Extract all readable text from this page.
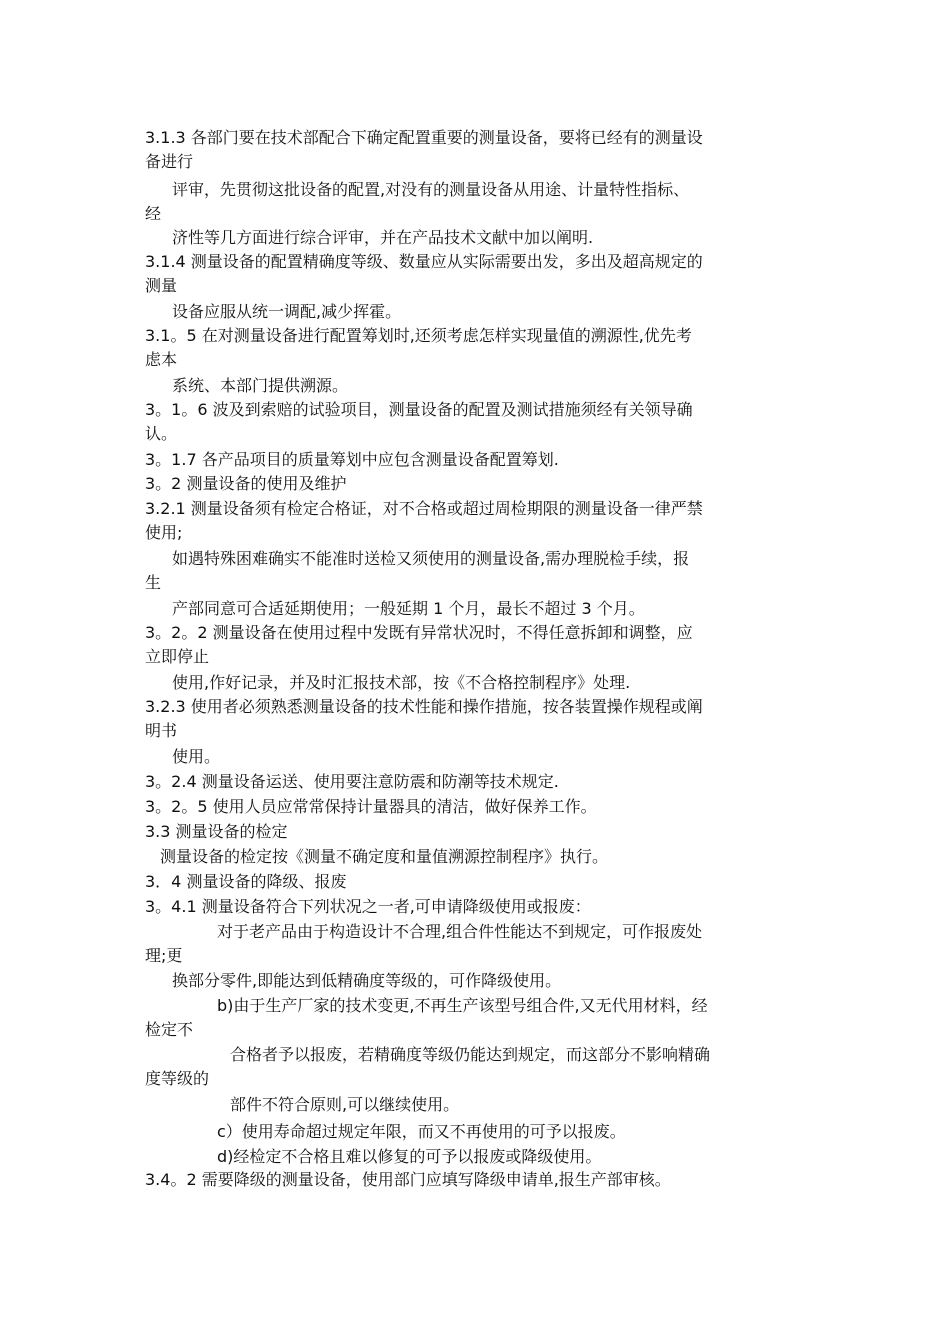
3.1.3 各部门要在技术部配合下确定配置重要的测量设备，要将已经有的测量设
备进行
评审，先贯彻这批设备的配置,对没有的测量设备从用途、计量特性指标、
经
济性等几方面进行综合评审，并在产品技术文献中加以阐明.
3.1.4 测量设备的配置精确度等级、数量应从实际需要出发，多出及超高规定的
测量
设备应服从统一调配,减少挥霍。
3.1。5 在对测量设备进行配置筹划时,还须考虑怎样实现量值的溯源性,优先考
虑本
系统、本部门提供溯源。
3。1。6 波及到索赔的试验项目，测量设备的配置及测试措施须经有关领导确
认。
3。1.7 各产品项目的质量筹划中应包含测量设备配置筹划.
3。2 测量设备的使用及维护
3.2.1 测量设备须有检定合格证，对不合格或超过周检期限的测量设备一律严禁
使用;
如遇特殊困难确实不能准时送检又须使用的测量设备,需办理脱检手续，报
生
产部同意可合适延期使用；一般延期 1 个月，最长不超过 3 个月。
3。2。2 测量设备在使用过程中发既有异常状况时，不得任意拆卸和调整，应
立即停止
使用,作好记录，并及时汇报技术部，按《不合格控制程序》处理.
3.2.3 使用者必须熟悉测量设备的技术性能和操作措施，按各装置操作规程或阐
明书
使用。
3。2.4 测量设备运送、使用要注意防震和防潮等技术规定.
3。2。5 使用人员应常常保持计量器具的清洁，做好保养工作。
3.3 测量设备的检定
测量设备的检定按《测量不确定度和量值溯源控制程序》执行。
3．4 测量设备的降级、报废
3。4.1 测量设备符合下列状况之一者,可申请降级使用或报废：
对于老产品由于构造设计不合理,组合件性能达不到规定，可作报废处
理;更
换部分零件,即能达到低精确度等级的，可作降级使用。
b)由于生产厂家的技术变更,不再生产该型号组合件,又无代用材料，经
检定不
合格者予以报废，若精确度等级仍能达到规定，而这部分不影响精确
度等级的
部件不符合原则,可以继续使用。
c）使用寿命超过规定年限，而又不再使用的可予以报废。
d)经检定不合格且难以修复的可予以报废或降级使用。
3.4。2 需要降级的测量设备，使用部门应填写降级申请单,报生产部审核。
